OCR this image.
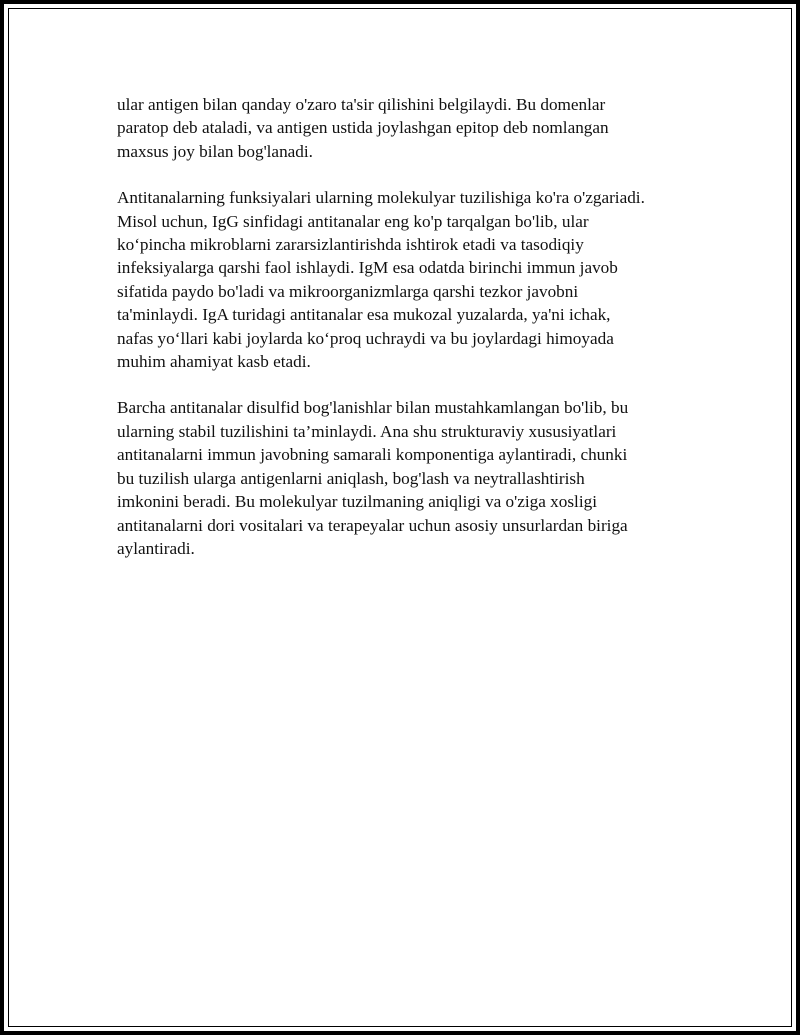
ular antigen bilan qanday o'zaro ta'sir qilishini belgilaydi. Bu domenlar
paratop deb ataladi, va antigen ustida joylashgan epitop deb nomlangan
maxsus joy bilan bog'lanadi.

Antitanalarning funksiyalari ularning molekulyar tuzilishiga ko'ra o'zgariadi.
Misol uchun, IgG sinfidagi antitanalar eng ko'p tarqalgan bo'lib, ular
ko‘pincha mikroblarni zararsizlantirishda ishtirok etadi va tasodiqiy
infeksiyalarga qarshi faol ishlaydi. IgM esa odatda birinchi immun javob
sifatida paydo bo'ladi va mikroorganizmlarga qarshi tezkor javobni
ta'minlaydi. IgA turidagi antitanalar esa mukozal yuzalarda, ya'ni ichak,
nafas yo‘llari kabi joylarda ko‘proq uchraydi va bu joylardagi himoyada
muhim ahamiyat kasb etadi.

Barcha antitanalar disulfid bog'lanishlar bilan mustahkamlangan bo'lib, bu
ularning stabil tuzilishini ta’minlaydi. Ana shu strukturaviy xususiyatlari
antitanalarni immun javobning samarali komponentiga aylantiradi, chunki
bu tuzilish ularga antigenlarni aniqlash, bog'lash va neytrallashtirish
imkonini beradi. Bu molekulyar tuzilmaning aniqligi va o'ziga xosligi
antitanalarni dori vositalari va terapeyalar uchun asosiy unsurlardan biriga
aylantiradi.
